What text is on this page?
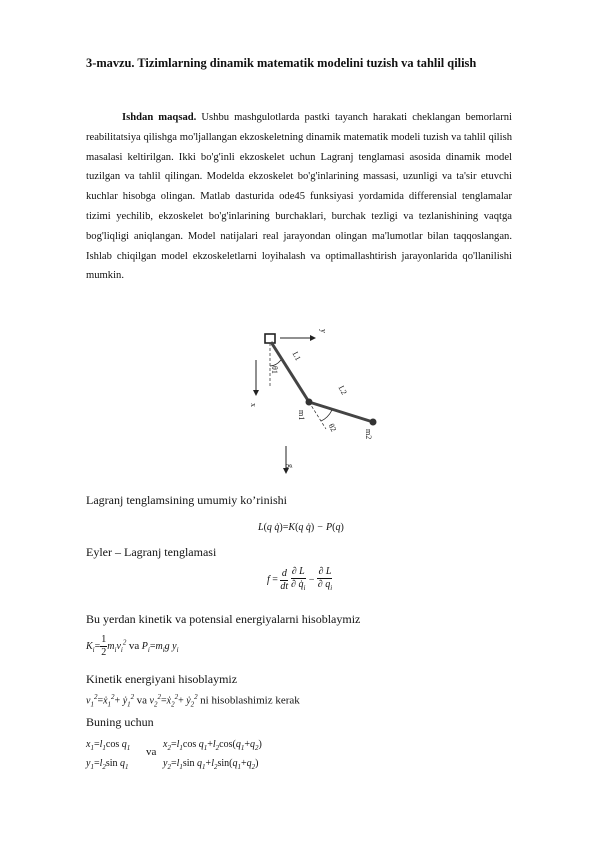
3-mavzu. Tizimlarning dinamik matematik modelini tuzish va tahlil qilish
Ishdan maqsad. Ushbu mashgulotlarda pastki tayanch harakati cheklangan bemorlarni reabilitatsiya qilishga mo'ljallangan ekzoskeletning dinamik matematik modeli tuzish va tahlil qilish masalasi keltirilgan. Ikki bo'g'inli ekzoskelet uchun Lagranj tenglamasi asosida dinamik model tuzilgan va tahlil qilingan. Modelda ekzoskelet bo'g'inlarining massasi, uzunligi va ta'sir etuvchi kuchlar hisobga olingan. Matlab dasturida ode45 funksiyasi yordamida differensial tenglamalar tizimi yechilib, ekzoskelet bo'g'inlarining burchaklari, burchak tezligi va tezlanishining vaqtga bog'liqligi aniqlangan. Model natijalari real jarayondan olingan ma'lumotlar bilan taqqoslangan. Ishlab chiqilgan model ekzoskeletlarni loyihalash va optimallashtirish jarayonlarida qo'llanilishi mumkin.
x
y
θ1
L1
L2
m1
θ2
m2
g
Lagranj tenglamsining umumiy ko’rinishi
L(q q̇)=K(q q̇) − P(q)
Eyler – Lagranj tenglamasi
$f = \frac{d}{dt}$
$\frac{\partial L}{\partial q̇_i} - \frac{\partial L}{\partial q_i}$
Bu yerdan kinetik va potensial energiyalarni hisoblaymiz
$K_i= \frac{1}{2} m_iv_i^2$ va $P_i=m_ig$ $y_i$
Kinetik energiyani hisoblaymiz
$v_1^2=ẋ_1^2+$ ẏ$_1^2$ va $v_2^2=ẋ_2^2+$ ẏ$_2^2$ ni hisoblashimiz kerak
Buning uchun
$x_1=l_1\cos$ $q_1$
$y_1=l_2\sin$ $q_1$
va
$x_2=l_1\cos$ $q_1+l_2\cos(q_1+q_2)$
$y_2=l_1\sin$ $q_1+l_2\sin(q_1+q_2)$
